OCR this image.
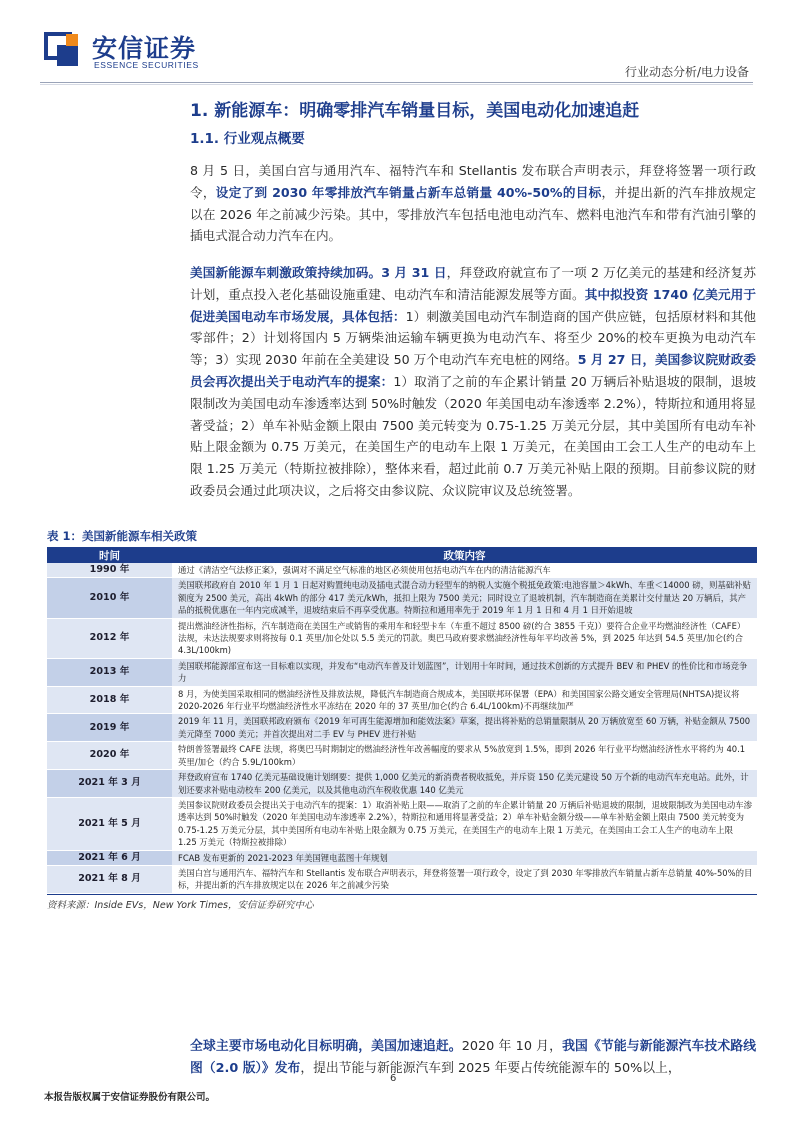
安信证券
ESSENCE SECURITIES	行业动态分析/电力设备
1. 新能源车：明确零排汽车销量目标，美国电动化加速追赶
1.1. 行业观点概要
8 月 5 日，美国白宫与通用汽车、福特汽车和 Stellantis 发布联合声明表示，拜登将签署一项行政令，设定了到 2030 年零排放汽车销量占新车总销量 40%-50%的目标，并提出新的汽车排放规定以在 2026 年之前减少污染。其中，零排放汽车包括电池电动汽车、燃料电池汽车和带有汽油引擎的插电式混合动力汽车在内。
美国新能源车刺激政策持续加码。3 月 31 日，拜登政府就宣布了一项 2 万亿美元的基建和经济复苏计划，重点投入老化基础设施重建、电动汽车和清洁能源发展等方面。其中拟投资 1740 亿美元用于促进美国电动车市场发展，具体包括：1）刺激美国电动汽车制造商的国产供应链，包括原材料和其他零部件；2）计划将国内 5 万辆柴油运输车辆更换为电动汽车、将至少 20%的校车更换为电动汽车等；3）实现 2030 年前在全美建设 50 万个电动汽车充电桩的网络。5 月 27 日，美国参议院财政委员会再次提出关于电动汽车的提案：1）取消了之前的车企累计销量 20 万辆后补贴退坡的限制，退坡限制改为美国电动车渗透率达到 50%时触发（2020 年美国电动车渗透率 2.2%），特斯拉和通用将显著受益；2）单车补贴金额上限由 7500 美元转变为 0.75-1.25 万美元分层，其中美国所有电动车补贴上限金额为 0.75 万美元，在美国生产的电动车上限 1 万美元，在美国由工会工人生产的电动车上限 1.25 万美元（特斯拉被排除），整体来看，超过此前 0.7 万美元补贴上限的预期。目前参议院的财政委员会通过此项决议，之后将交由参议院、众议院审议及总统签署。
表 1：美国新能源车相关政策
时间	政策内容
1990 年	通过《清洁空气法修正案》，强调对不满足空气标准的地区必须使用包括电动汽车在内的清洁能源汽车
2010 年	美国联邦政府自 2010 年 1 月 1 日起对购置纯电动及插电式混合动力轻型车的纳税人实施个税抵免政策:电池容量＞4kWh、车重＜14000 磅，则基础补贴额度为 2500 美元，高出 4kWh 的部分 417 美元/kWh，抵扣上限为 7500 美元；同时设立了退坡机制，汽车制造商在美累计交付量达 20 万辆后，其产品的抵税优惠在一年内完成减半，退坡结束后不再享受优惠。特斯拉和通用率先于 2019 年 1 月 1 日和 4 月 1 日开始退坡
2012 年	提出燃油经济性指标，汽车制造商在美国生产或销售的乘用车和轻型卡车（车重不超过 8500 磅(约合 3855 千克)）要符合企业平均燃油经济性（CAFE）法规，未达法规要求则将按每 0.1 英里/加仑处以 5.5 美元的罚款。奥巴马政府要求燃油经济性每年平均改善 5%，到 2025 年达到 54.5 英里/加仑(约合 4.3L/100km)
2013 年	美国联邦能源部宣布这一目标难以实现，并发布“电动汽车普及计划蓝图”，计划用十年时间，通过技术创新的方式提升 BEV 和 PHEV 的性价比和市场竞争力
2018 年	8 月，为使美国采取相同的燃油经济性及排放法规，降低汽车制造商合规成本，美国联邦环保署（EPA）和美国国家公路交通安全管理局(NHTSA)提议将 2020-2026 年行业平均燃油经济性水平冻结在 2020 年的 37 英里/加仑(约合 6.4L/100km)不再继续加严
2019 年	2019 年 11 月，美国联邦政府颁布《2019 年可再生能源增加和能效法案》草案，提出将补贴的总销量限制从 20 万辆放宽至 60 万辆，补贴金额从 7500 美元降至 7000 美元；并首次提出对二手 EV 与 PHEV 进行补贴
2020 年	特朗普签署最终 CAFE 法规，将奥巴马时期制定的燃油经济性年改善幅度的要求从 5%放宽到 1.5%，即到 2026 年行业平均燃油经济性水平将约为 40.1 英里/加仑（约合 5.9L/100km）
2021 年 3 月	拜登政府宣布 1740 亿美元基础设施计划纲要：提供 1,000 亿美元的新消费者税收抵免，并斥资 150 亿美元建设 50 万个新的电动汽车充电站。此外，计划还要求补贴电动校车 200 亿美元，以及其他电动汽车税收优惠 140 亿美元
2021 年 5 月	美国参议院财政委员会提出关于电动汽车的提案：1）取消补贴上限——取消了之前的车企累计销量 20 万辆后补贴退坡的限制，退坡限制改为美国电动车渗透率达到 50%时触发（2020 年美国电动车渗透率 2.2%），特斯拉和通用将显著受益；2）单车补贴金额分级——单车补贴金额上限由 7500 美元转变为 0.75-1.25 万美元分层，其中美国所有电动车补贴上限金额为 0.75 万美元，在美国生产的电动车上限 1 万美元，在美国由工会工人生产的电动车上限 1.25 万美元（特斯拉被排除）
2021 年 6 月	FCAB 发布更新的 2021-2023 年美国锂电蓝图十年规划
2021 年 8 月	美国白宫与通用汽车、福特汽车和 Stellantis 发布联合声明表示，拜登将签署一项行政令，设定了到 2030 年零排放汽车销量占新车总销量 40%-50%的目标，并提出新的汽车排放规定以在 2026 年之前减少污染
资料来源：Inside EVs，New York Times，安信证券研究中心
全球主要市场电动化目标明确，美国加速追赶。2020 年 10 月，我国《节能与新能源汽车技术路线图（2.0 版）》发布，提出节能与新能源汽车到 2025 年要占传统能源车的 50%以上，
6
本报告版权属于安信证券股份有限公司。
